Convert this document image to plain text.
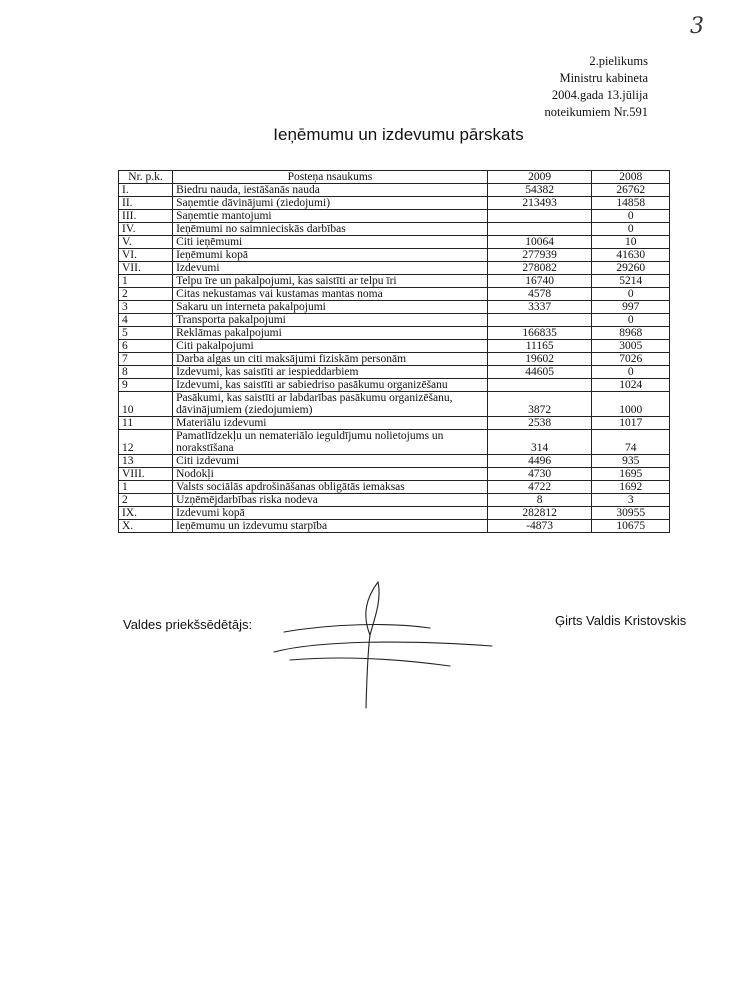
3
2.pielikums
Ministru kabineta
2004.gada 13.jūlija
noteikumiem Nr.591
Ieņēmumu un izdevumu pārskats
Nr. p.k.	Posteņa nsaukums	2009	2008
I.	Biedru nauda, iestāšanās nauda	54382	26762
II.	Saņemtie dāvinājumi (ziedojumi)	213493	14858
III.	Saņemtie mantojumi		0
IV.	Ieņēmumi no saimnieciskās darbības		0
V.	Citi ieņēmumi	10064	10
VI.	Ieņēmumi kopā	277939	41630
VII.	Izdevumi	278082	29260
1	Telpu īre un pakalpojumi, kas saistīti ar telpu īri	16740	5214
2	Citas nekustamas vai kustamas mantas noma	4578	0
3	Sakaru un interneta pakalpojumi	3337	997
4	Transporta pakalpojumi		0
5	Reklāmas pakalpojumi	166835	8968
6	Citi pakalpojumi	11165	3005
7	Darba algas un citi maksājumi fiziskām personām	19602	7026
8	Izdevumi, kas saistīti ar iespieddarbiem	44605	0
9	Izdevumi, kas saistīti ar sabiedriso pasākumu organizēšanu		1024
10	Pasākumi, kas saistīti ar labdarības pasākumu organizēšanu,
dāvinājumiem (ziedojumiem)	3872	1000
11	Materiālu izdevumi	2538	1017
12	Pamatlīdzekļu un nemateriālo ieguldījumu nolietojums un
norakstīšana	314	74
13	Citi izdevumi	4496	935
VIII.	Nodokļi	4730	1695
1	Valsts sociālās apdrošināšanas obligātās iemaksas	4722	1692
2	Uzņēmējdarbības riska nodeva	8	3
IX.	Izdevumi kopā	282812	30955
X.	Ieņēmumu un izdevumu starpība	-4873	10675
Valdes priekšsēdētājs:	Ģirts Valdis Kristovskis
